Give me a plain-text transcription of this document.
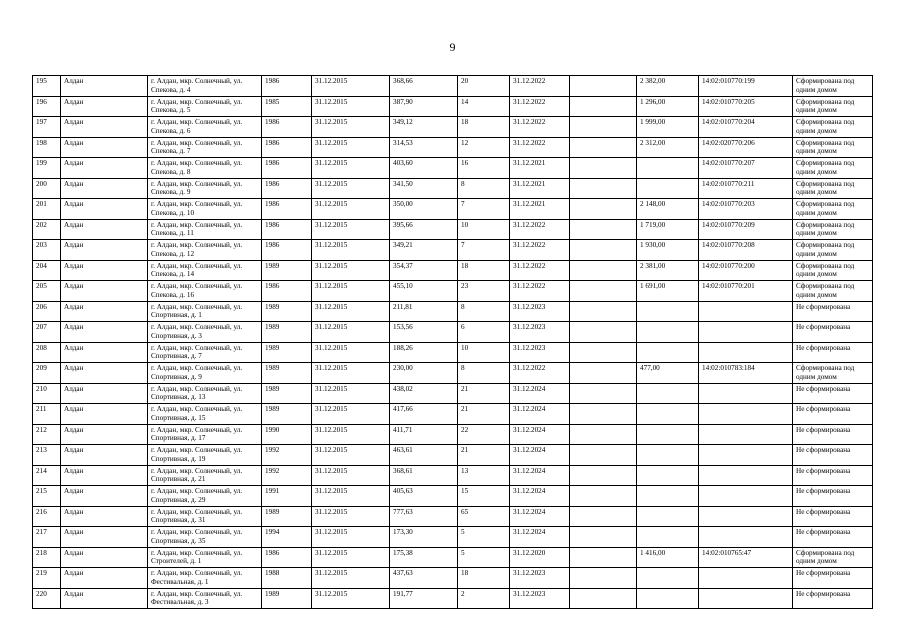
9
195	Алдан	г. Алдан, мкр. Солнечный, ул. Спекова, д. 4	1986	31.12.2015	368,66	20	31.12.2022		2 382,00	14:02:010770:199	Сформирована под одним домом
196	Алдан	г. Алдан, мкр. Солнечный, ул. Спекова, д. 5	1985	31.12.2015	387,90	14	31.12.2022		1 296,00	14:02:010770:205	Сформирована под одним домом
197	Алдан	г. Алдан, мкр. Солнечный, ул. Спекова, д. 6	1986	31.12.2015	349,12	18	31.12.2022		1 999,00	14:02:010770:204	Сформирована под одним домом
198	Алдан	г. Алдан, мкр. Солнечный, ул. Спекова, д. 7	1986	31.12.2015	314,53	12	31.12.2022		2 312,00	14:02:020770:206	Сформирована под одним домом
199	Алдан	г. Алдан, мкр. Солнечный, ул. Спекова, д. 8	1986	31.12.2015	403,60	16	31.12.2021			14:02:010770:207	Сформирована под одним домом
200	Алдан	г. Алдан, мкр. Солнечный, ул. Спекова, д. 9	1986	31.12.2015	341,50	8	31.12.2021			14:02:010770:211	Сформирована под одним домом
201	Алдан	г. Алдан, мкр. Солнечный, ул. Спекова, д. 10	1986	31.12.2015	350,00	7	31.12.2021		2 148,00	14:02:010770:203	Сформирована под одним домом
202	Алдан	г. Алдан, мкр. Солнечный, ул. Спекова, д. 11	1986	31.12.2015	395,66	10	31.12.2022		1 719,00	14:02:010770:209	Сформирована под одним домом
203	Алдан	г. Алдан, мкр. Солнечный, ул. Спекова, д. 12	1986	31.12.2015	349,21	7	31.12.2022		1 930,00	14:02:010770:208	Сформирована под одним домом
204	Алдан	г. Алдан, мкр. Солнечный, ул. Спекова, д. 14	1989	31.12.2015	354,37	18	31.12.2022		2 381,00	14:02:010770:200	Сформирована под одним домом
205	Алдан	г. Алдан, мкр. Солнечный, ул. Спекова, д. 16	1986	31.12.2015	455,10	23	31.12.2022		1 691,00	14:02:010770:201	Сформирована под одним домом
206	Алдан	г. Алдан, мкр. Солнечный, ул. Спортивная, д. 1	1989	31.12.2015	211,81	8	31.12.2023				Не сформирована
207	Алдан	г. Алдан, мкр. Солнечный, ул. Спортивная, д. 3	1989	31.12.2015	153,56	6	31.12.2023				Не сформирована
208	Алдан	г. Алдан, мкр. Солнечный, ул. Спортивная, д. 7	1989	31.12.2015	188,26	10	31.12.2023				Не сформирована
209	Алдан	г. Алдан, мкр. Солнечный, ул. Спортивная, д. 9	1989	31.12.2015	230,00	8	31.12.2022		477,00	14:02:010783:184	Сформирована под одним домом
210	Алдан	г. Алдан, мкр. Солнечный, ул. Спортивная, д. 13	1989	31.12.2015	438,02	21	31.12.2024				Не сформирована
211	Алдан	г. Алдан, мкр. Солнечный, ул. Спортивная, д. 15	1989	31.12.2015	417,66	21	31.12.2024				Не сформирована
212	Алдан	г. Алдан, мкр. Солнечный, ул. Спортивная, д. 17	1990	31.12.2015	411,71	22	31.12.2024				Не сформирована
213	Алдан	г. Алдан, мкр. Солнечный, ул. Спортивная, д. 19	1992	31.12.2015	463,61	21	31.12.2024				Не сформирована
214	Алдан	г. Алдан, мкр. Солнечный, ул. Спортивная, д. 21	1992	31.12.2015	368,61	13	31.12.2024				Не сформирована
215	Алдан	г. Алдан, мкр. Солнечный, ул. Спортивная, д. 29	1991	31.12.2015	405,63	15	31.12.2024				Не сформирована
216	Алдан	г. Алдан, мкр. Солнечный, ул. Спортивная, д. 31	1989	31.12.2015	777,63	65	31.12.2024				Не сформирована
217	Алдан	г. Алдан, мкр. Солнечный, ул. Спортивная, д. 35	1994	31.12.2015	173,30	5	31.12.2024				Не сформирована
218	Алдан	г. Алдан, мкр. Солнечный, ул. Строителей, д. 1	1986	31.12.2015	175,38	5	31.12.2020		1 416,00	14:02:010765:47	Сформирована под одним домом
219	Алдан	г. Алдан, мкр. Солнечный, ул. Фестивальная, д. 1	1988	31.12.2015	437,63	18	31.12.2023				Не сформирована
220	Алдан	г. Алдан, мкр. Солнечный, ул. Фестивальная, д. 3	1989	31.12.2015	191,77	2	31.12.2023				Не сформирована
